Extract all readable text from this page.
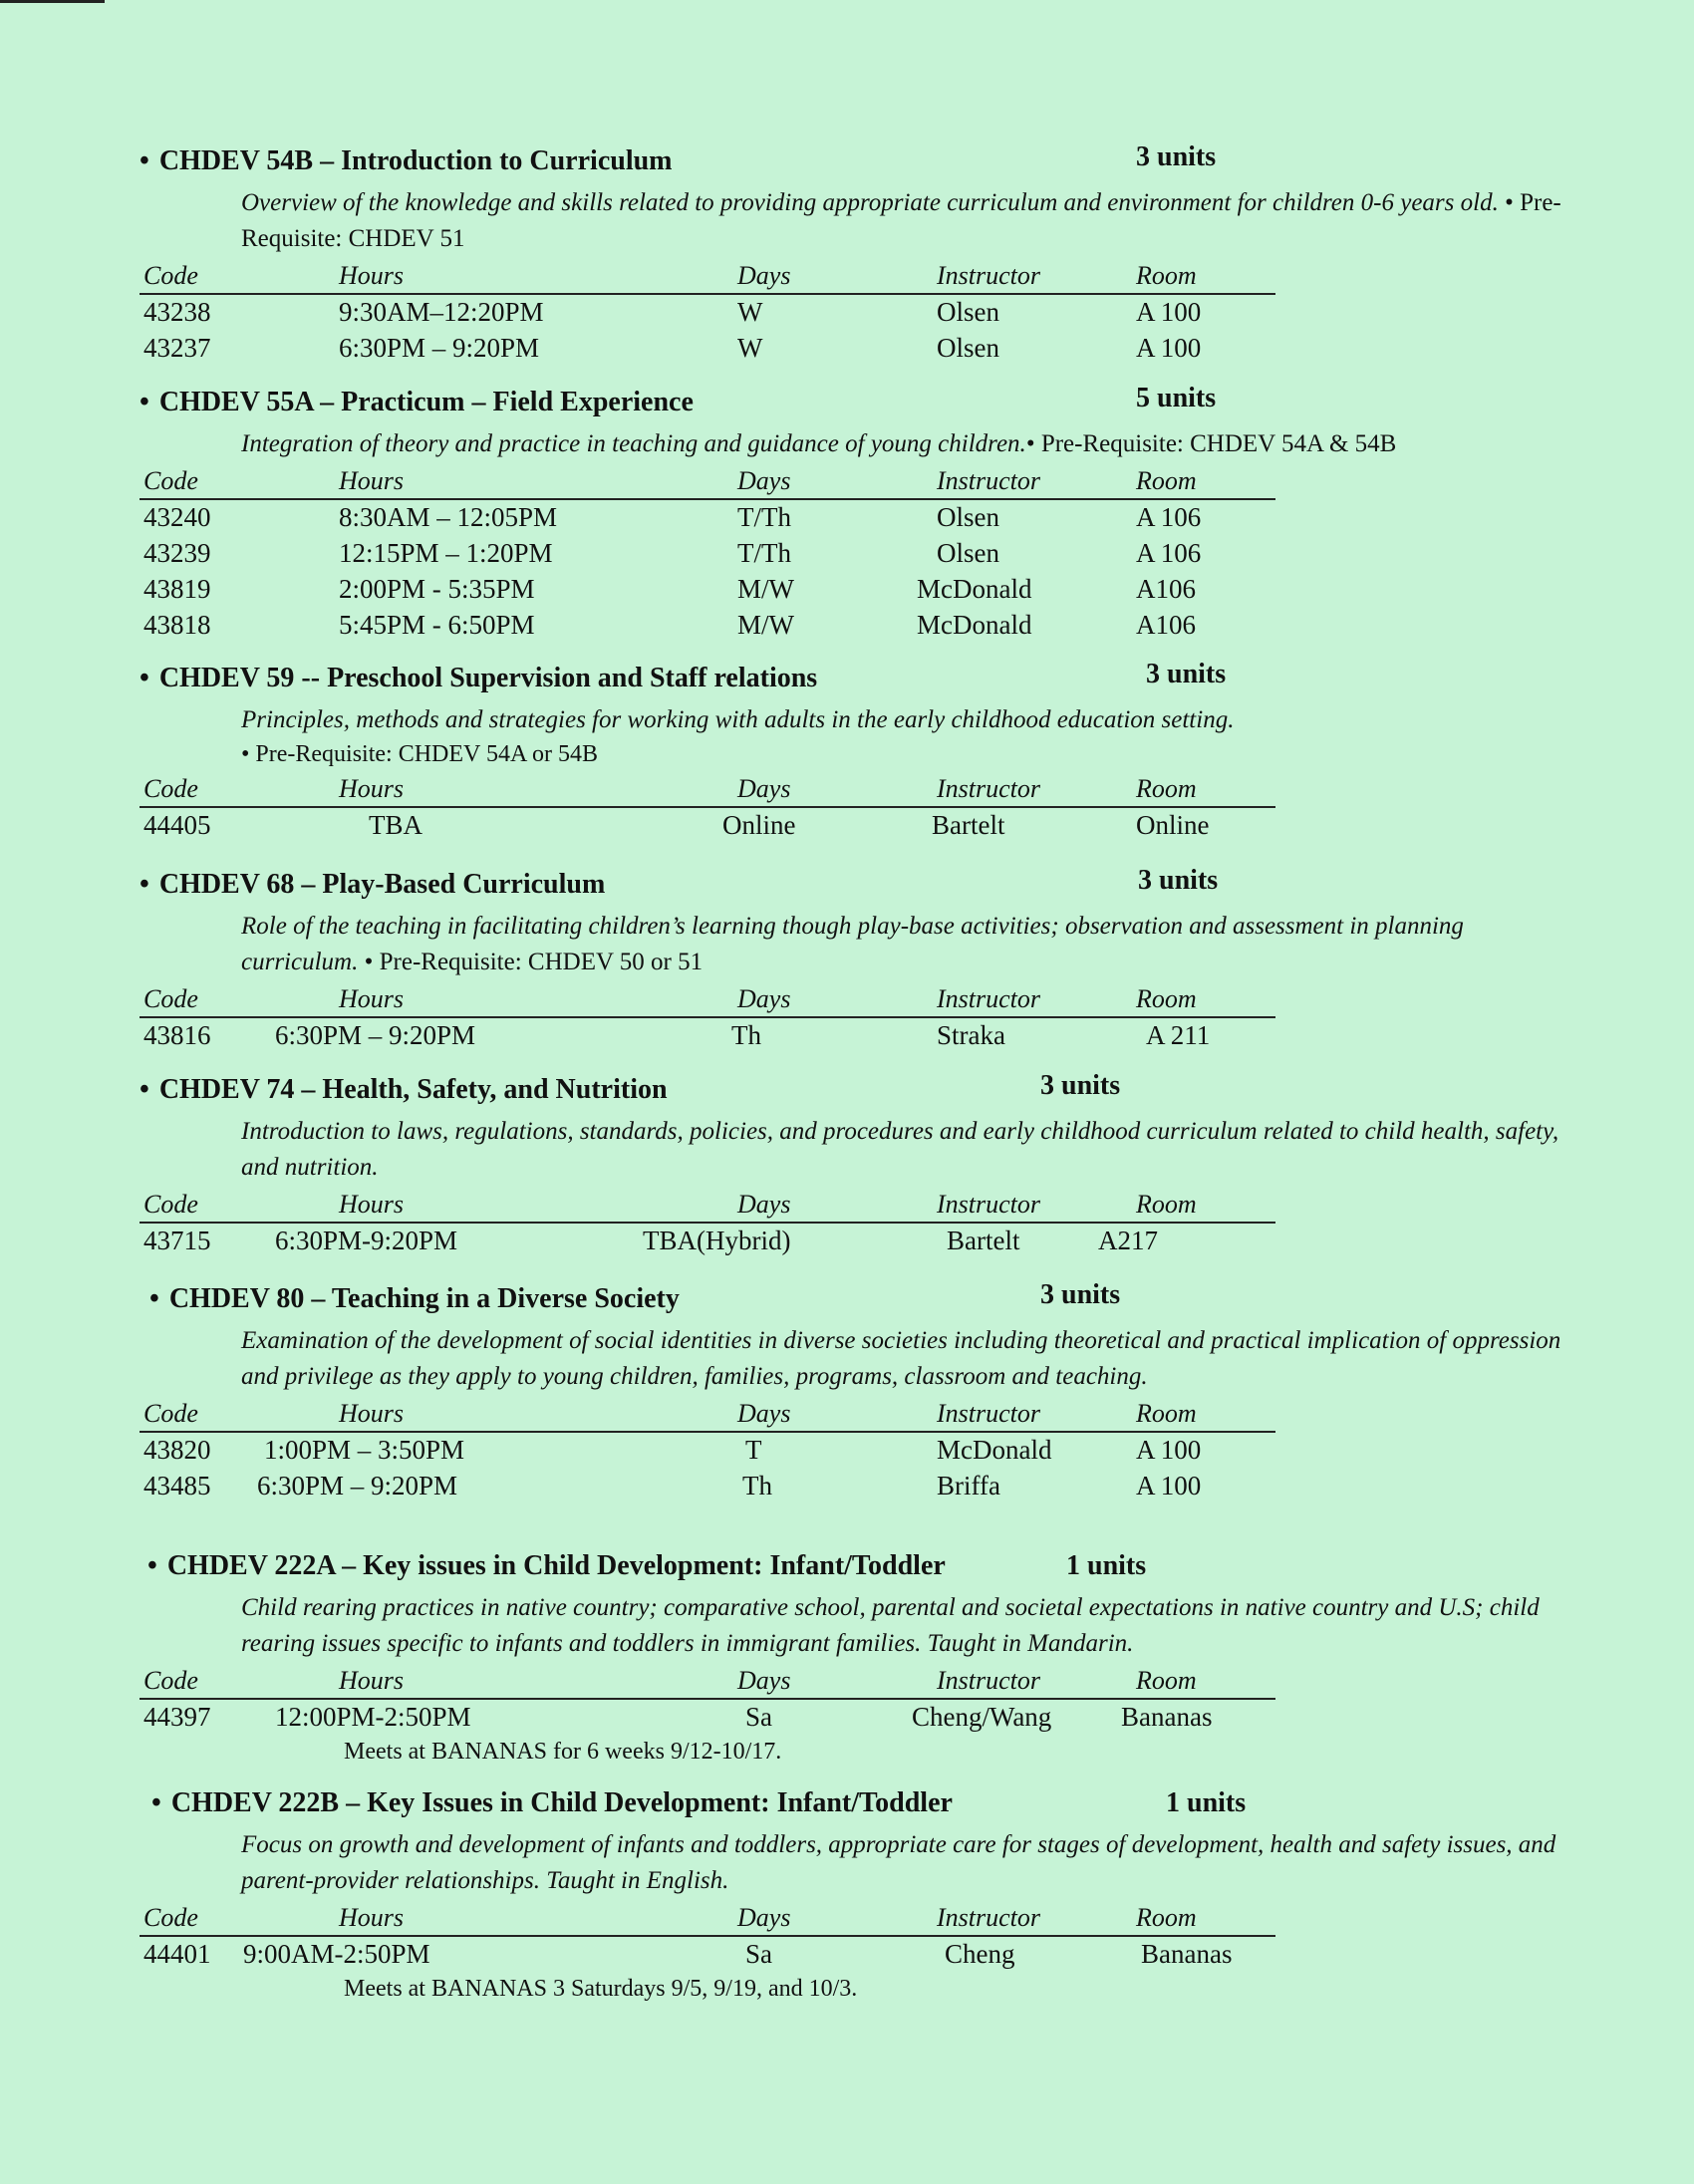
• CHDEV 54B – Introduction to Curriculum	3 units
Overview of the knowledge and skills related to providing appropriate curriculum and environment for children 0-6 years old. • Pre-Requisite: CHDEV 51
Code	Hours	Days	Instructor	Room
43238	9:30AM–12:20PM	W	Olsen	A 100
43237	6:30PM – 9:20PM	W	Olsen	A 100
• CHDEV 55A – Practicum – Field Experience	5 units
Integration of theory and practice in teaching and guidance of young children.• Pre-Requisite: CHDEV 54A & 54B
Code	Hours	Days	Instructor	Room
43240	8:30AM – 12:05PM	T/Th	Olsen	A 106
43239	12:15PM – 1:20PM	T/Th	Olsen	A 106
43819	2:00PM - 5:35PM	M/W	McDonald	A106
43818	5:45PM - 6:50PM	M/W	McDonald	A106
• CHDEV 59 -- Preschool Supervision and Staff relations	3 units
Principles, methods and strategies for working with adults in the early childhood education setting.
• Pre-Requisite: CHDEV 54A or 54B
Code	Hours	Days	Instructor	Room
44405	TBA	Online	Bartelt	Online
• CHDEV 68 – Play-Based Curriculum	3 units
Role of the teaching in facilitating children’s learning though play-base activities; observation and assessment in planning curriculum. • Pre-Requisite: CHDEV 50 or 51
Code	Hours	Days	Instructor	Room
43816 6:30PM – 9:20PM	Th	Straka	A 211
• CHDEV 74 – Health, Safety, and Nutrition	3 units
Introduction to laws, regulations, standards, policies, and procedures and early childhood curriculum related to child health, safety, and nutrition.
Code	Hours	Days	Instructor	Room
43715 6:30PM-9:20PM	TBA(Hybrid)	Bartelt	A217
• CHDEV 80 – Teaching in a Diverse Society	3 units
Examination of the development of social identities in diverse societies including theoretical and practical implication of oppression and privilege as they apply to young children, families, programs, classroom and teaching.
Code	Hours	Days	Instructor	Room
43820 1:00PM – 3:50PM	T	McDonald	A 100
43485 6:30PM – 9:20PM	Th	Briffa	A 100
• CHDEV 222A – Key issues in Child Development: Infant/Toddler	1 units
Child rearing practices in native country; comparative school, parental and societal expectations in native country and U.S; child rearing issues specific to infants and toddlers in immigrant families. Taught in Mandarin.
Code	Hours	Days	Instructor	Room
44397 12:00PM-2:50PM	Sa	Cheng/Wang	Bananas
Meets at BANANAS for 6 weeks 9/12-10/17.
• CHDEV 222B – Key Issues in Child Development: Infant/Toddler	1 units
Focus on growth and development of infants and toddlers, appropriate care for stages of development, health and safety issues, and parent-provider relationships. Taught in English.
Code	Hours	Days	Instructor	Room
44401 9:00AM-2:50PM	Sa	Cheng	Bananas
Meets at BANANAS 3 Saturdays 9/5, 9/19, and 10/3.
